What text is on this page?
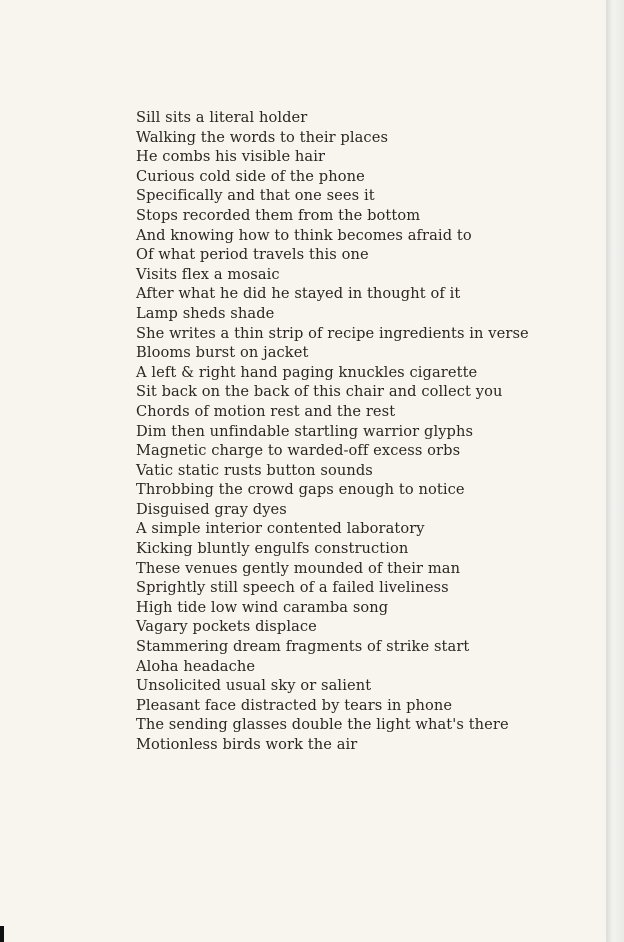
Sill sits a literal holder
Walking the words to their places
He combs his visible hair
Curious cold side of the phone
Specifically and that one sees it
Stops recorded them from the bottom
And knowing how to think becomes afraid to
Of what period travels this one
Visits flex a mosaic
After what he did he stayed in thought of it
Lamp sheds shade
She writes a thin strip of recipe ingredients in verse
Blooms burst on jacket
A left & right hand paging knuckles cigarette
Sit back on the back of this chair and collect you
Chords of motion rest and the rest
Dim then unfindable startling warrior glyphs
Magnetic charge to warded-off excess orbs
Vatic static rusts button sounds
Throbbing the crowd gaps enough to notice
Disguised gray dyes
A simple interior contented laboratory
Kicking bluntly engulfs construction
These venues gently mounded of their man
Sprightly still speech of a failed liveliness
High tide low wind caramba song
Vagary pockets displace
Stammering dream fragments of strike start
Aloha headache
Unsolicited usual sky or salient
Pleasant face distracted by tears in phone
The sending glasses double the light what's there
Motionless birds work the air
